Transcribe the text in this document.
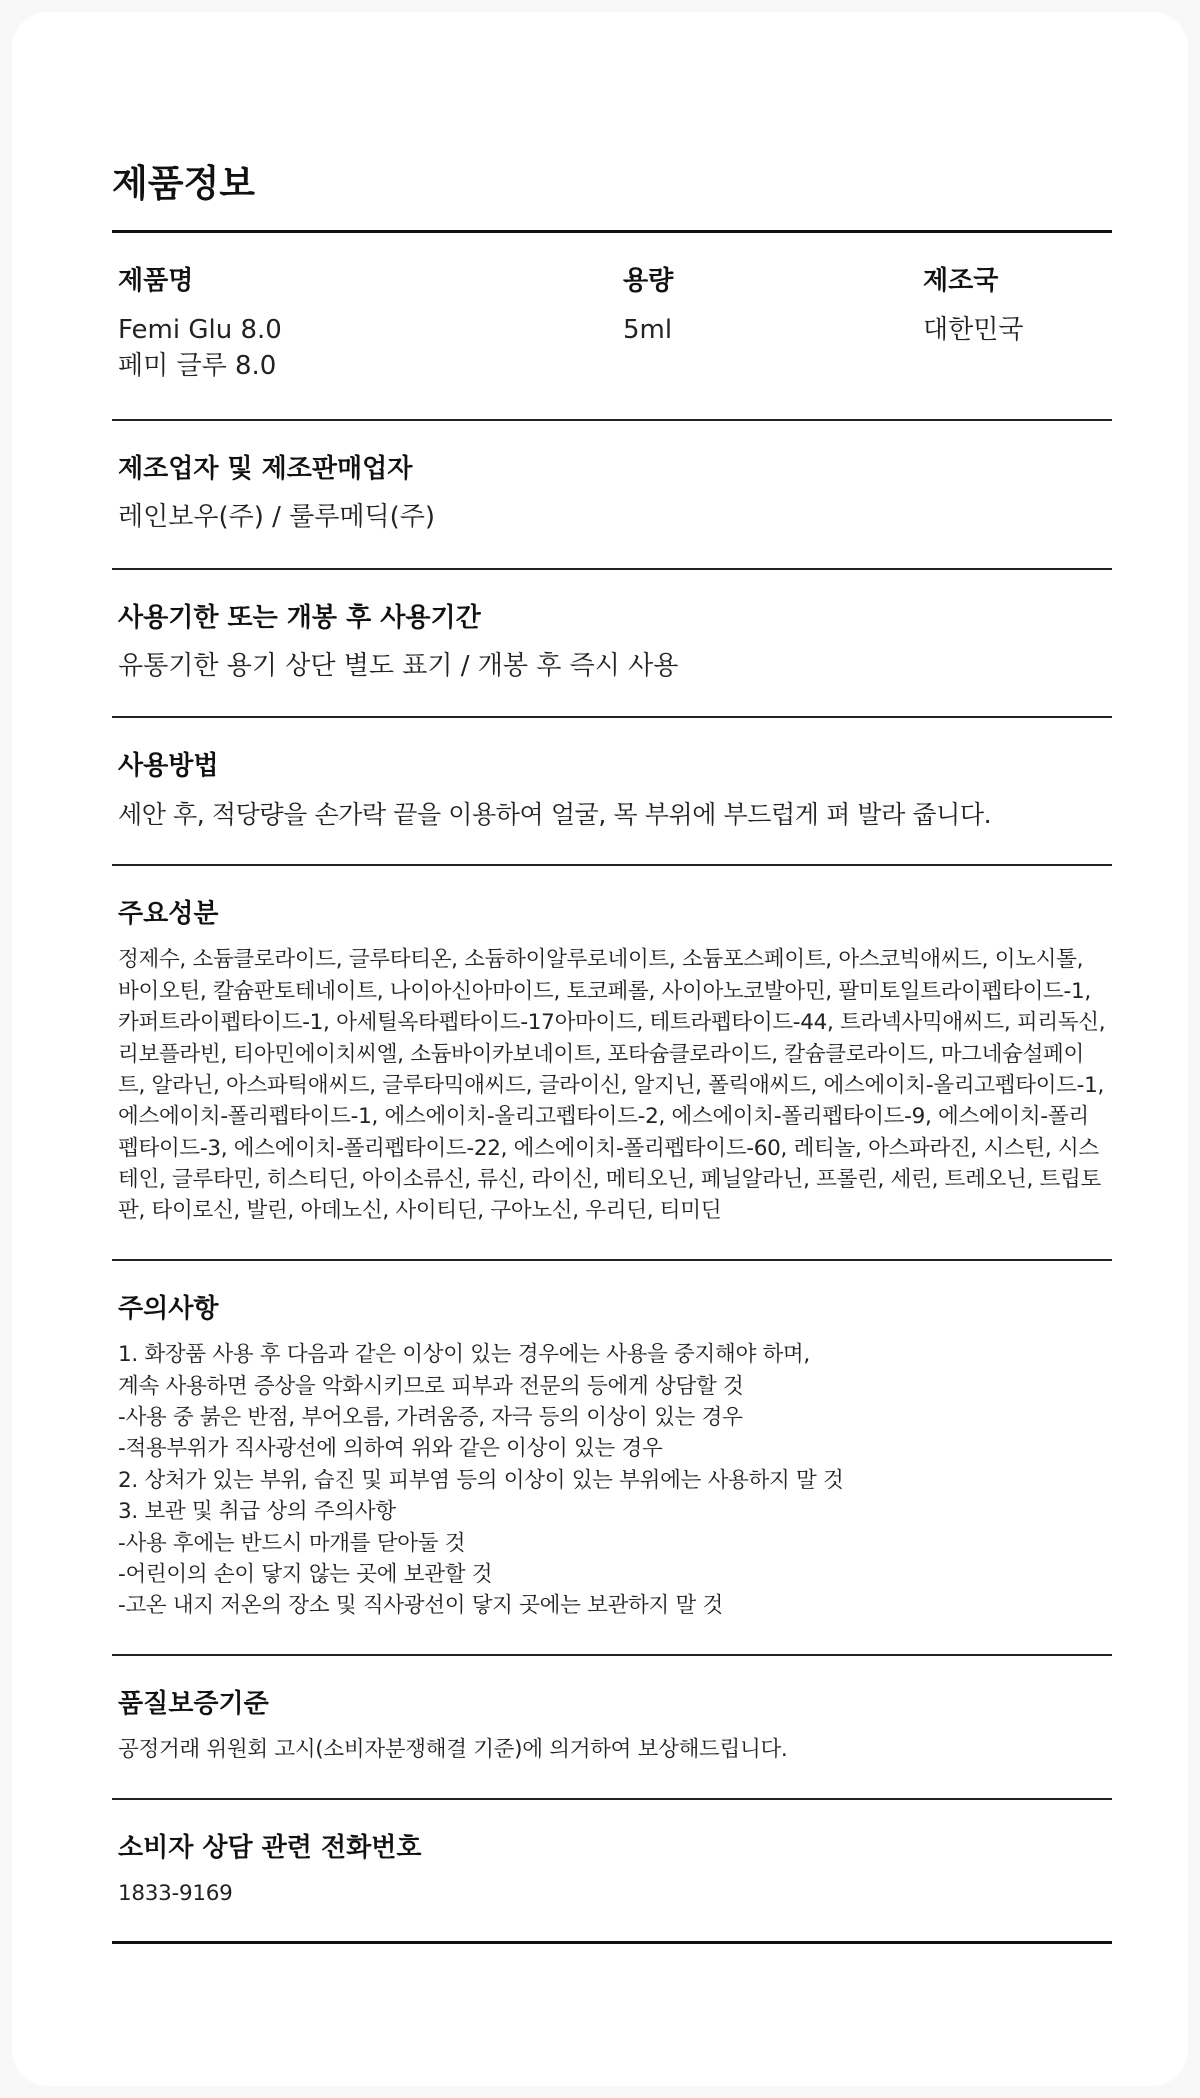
제품정보

제품명

Femi Glu 8.0

페미 글루 8.0

용량

5ml

제조국

대한민국

제조업자 및 제조판매업자

레인보우(주) / 룰루메딕(주)

사용기한 또는 개봉 후 사용기간

유통기한 용기 상단 별도 표기 / 개봉 후 즉시 사용

사용방법

세안 후, 적당량을 손가락 끝을 이용하여 얼굴, 목 부위에 부드럽게 펴 발라 줍니다.

주요성분

정제수, 소듐클로라이드, 글루타티온, 소듐하이알루로네이트, 소듐포스페이트, 아스코빅애씨드, 이노시톨, 바이오틴, 칼슘판토테네이트, 나이아신아마이드, 토코페롤, 사이아노코발아민, 팔미토일트라이펩타이드-1, 카퍼트라이펩타이드-1, 아세틸옥타펩타이드-17아마이드, 테트라펩타이드-44, 트라넥사믹애씨드, 피리독신, 리보플라빈, 티아민에이치씨엘, 소듐바이카보네이트, 포타슘클로라이드, 칼슘클로라이드, 마그네슘설페이트, 알라닌, 아스파틱애씨드, 글루타믹애씨드, 글라이신, 알지닌, 폴릭애씨드, 에스에이치-올리고펩타이드-1, 에스에이치-폴리펩타이드-1, 에스에이치-올리고펩타이드-2, 에스에이치-폴리펩타이드-9, 에스에이치-폴리펩타이드-3, 에스에이치-폴리펩타이드-22, 에스에이치-폴리펩타이드-60, 레티놀, 아스파라진, 시스틴, 시스테인, 글루타민, 히스티딘, 아이소류신, 류신, 라이신, 메티오닌, 페닐알라닌, 프롤린, 세린, 트레오닌, 트립토판, 타이로신, 발린, 아데노신, 사이티딘, 구아노신, 우리딘, 티미딘

주의사항

1. 화장품 사용 후 다음과 같은 이상이 있는 경우에는 사용을 중지해야 하며,
계속 사용하면 증상을 악화시키므로 피부과 전문의 등에게 상담할 것
-사용 중 붉은 반점, 부어오름, 가려움증, 자극 등의 이상이 있는 경우
-적용부위가 직사광선에 의하여 위와 같은 이상이 있는 경우
2. 상처가 있는 부위, 습진 및 피부염 등의 이상이 있는 부위에는 사용하지 말 것
3. 보관 및 취급 상의 주의사항
-사용 후에는 반드시 마개를 닫아둘 것
-어린이의 손이 닿지 않는 곳에 보관할 것
-고온 내지 저온의 장소 및 직사광선이 닿지 곳에는 보관하지 말 것

품질보증기준

공정거래 위원회 고시(소비자분쟁해결 기준)에 의거하여 보상해드립니다.

소비자 상담 관련 전화번호

1833-9169
